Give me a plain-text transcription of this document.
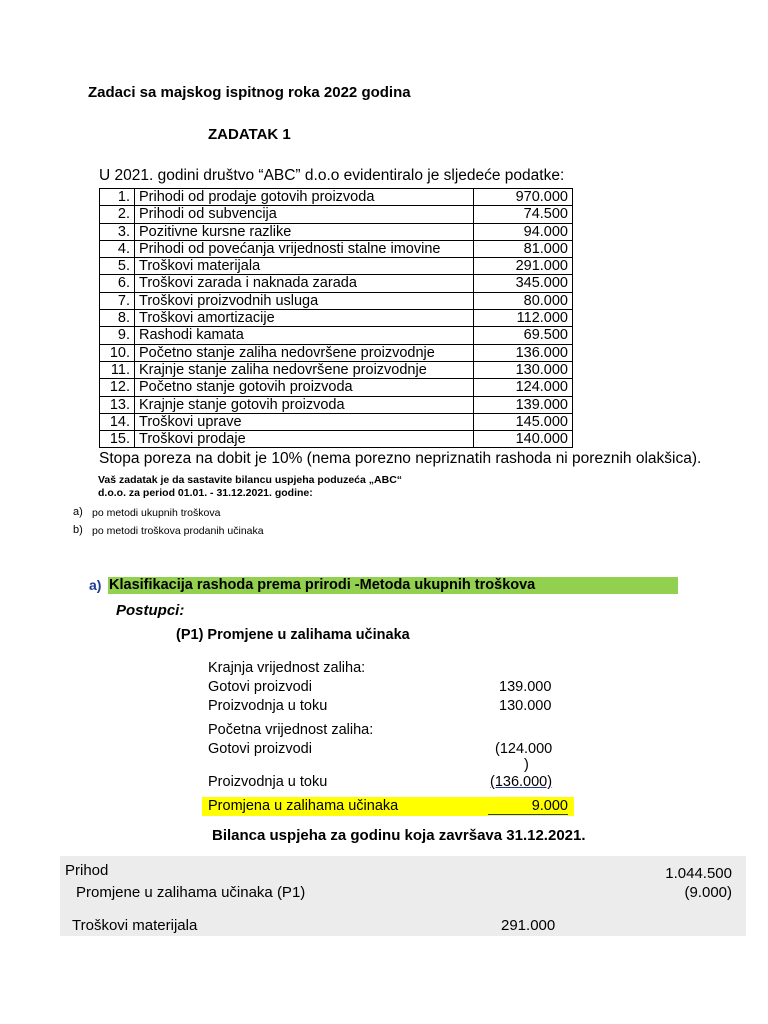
Zadaci sa majskog ispitnog roka 2022 godina
ZADATAK 1
U 2021. godini društvo “ABC” d.o.o evidentiralo je sljedeće podatke:
1.	Prihodi od prodaje gotovih proizvoda	970.000
2.	Prihodi od subvencija	74.500
3.	Pozitivne kursne razlike	94.000
4.	Prihodi od povećanja vrijednosti stalne imovine	81.000
5.	Troškovi materijala	291.000
6.	Troškovi zarada i naknada zarada	345.000
7.	Troškovi proizvodnih usluga	80.000
8.	Troškovi amortizacije	112.000
9.	Rashodi kamata	69.500
10.	Početno stanje zaliha nedovršene proizvodnje	136.000
11.	Krajnje stanje zaliha nedovršene proizvodnje	130.000
12.	Početno stanje gotovih proizvoda	124.000
13.	Krajnje stanje gotovih proizvoda	139.000
14.	Troškovi uprave	145.000
15.	Troškovi prodaje	140.000
Stopa poreza na dobit je 10% (nema porezno nepriznatih rashoda ni poreznih olakšica).
Vaš zadatak je da sastavite bilancu uspjeha poduzeća „ABC“
d.o.o. za period 01.01. - 31.12.2021. godine:
a) po metodi ukupnih troškova
b) po metodi troškova prodanih učinaka
a) Klasifikacija rashoda prema prirodi -Metoda ukupnih troškova
Postupci:
(P1) Promjene u zalihama učinaka
Krajnja vrijednost zaliha:
Gotovi proizvodi	139.000
Proizvodnja u toku	130.000
Početna vrijednost zaliha:
Gotovi proizvodi	(124.000
)
Proizvodnja u toku	(136.000)
Promjena u zalihama učinaka	9.000
Bilanca uspjeha za godinu koja završava 31.12.2021.
Prihod	1.044.500
Promjene u zalihama učinaka (P1)	(9.000)
Troškovi materijala	291.000
